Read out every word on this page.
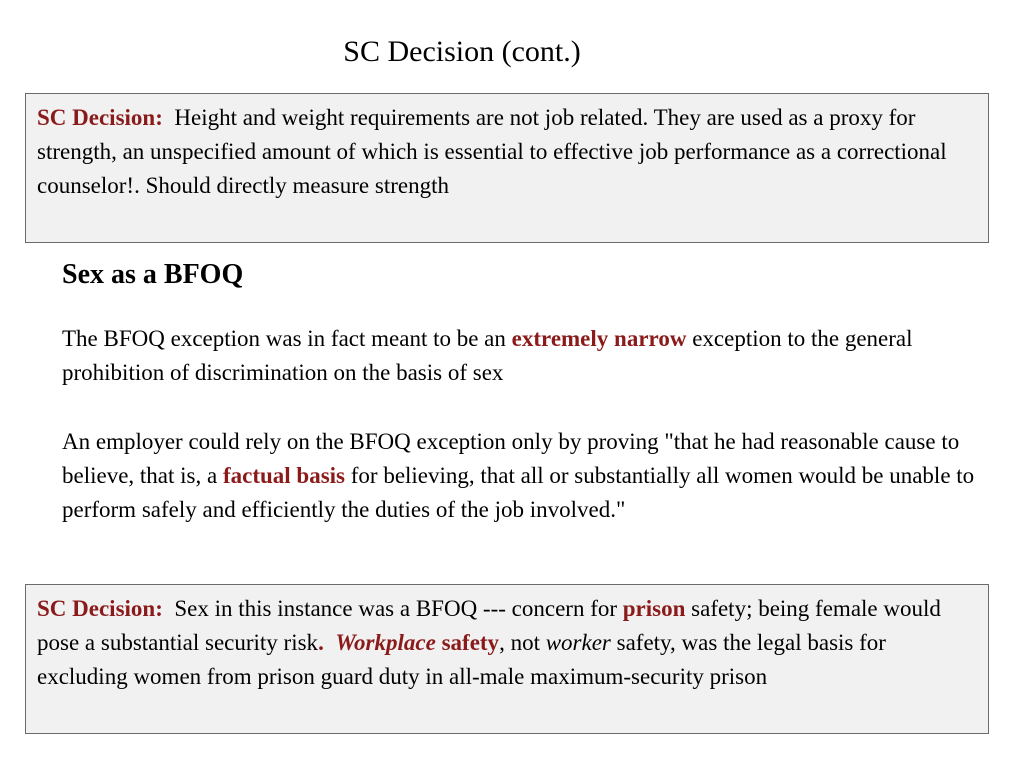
SC Decision (cont.)
SC Decision: Height and weight requirements are not job related. They are used as a proxy for strength, an unspecified amount of which is essential to effective job performance as a correctional counselor!. Should directly measure strength
Sex as a BFOQ

The BFOQ exception was in fact meant to be an extremely narrow exception to the general prohibition of discrimination on the basis of sex

An employer could rely on the BFOQ exception only by proving "that he had reasonable cause to believe, that is, a factual basis for believing, that all or substantially all women would be unable to perform safely and efficiently the duties of the job involved."

SC Decision: Sex in this instance was a BFOQ --- concern for prison safety; being female would pose a substantial security risk. Workplace safety, not worker safety, was the legal basis for excluding women from prison guard duty in all-male maximum-security prison
